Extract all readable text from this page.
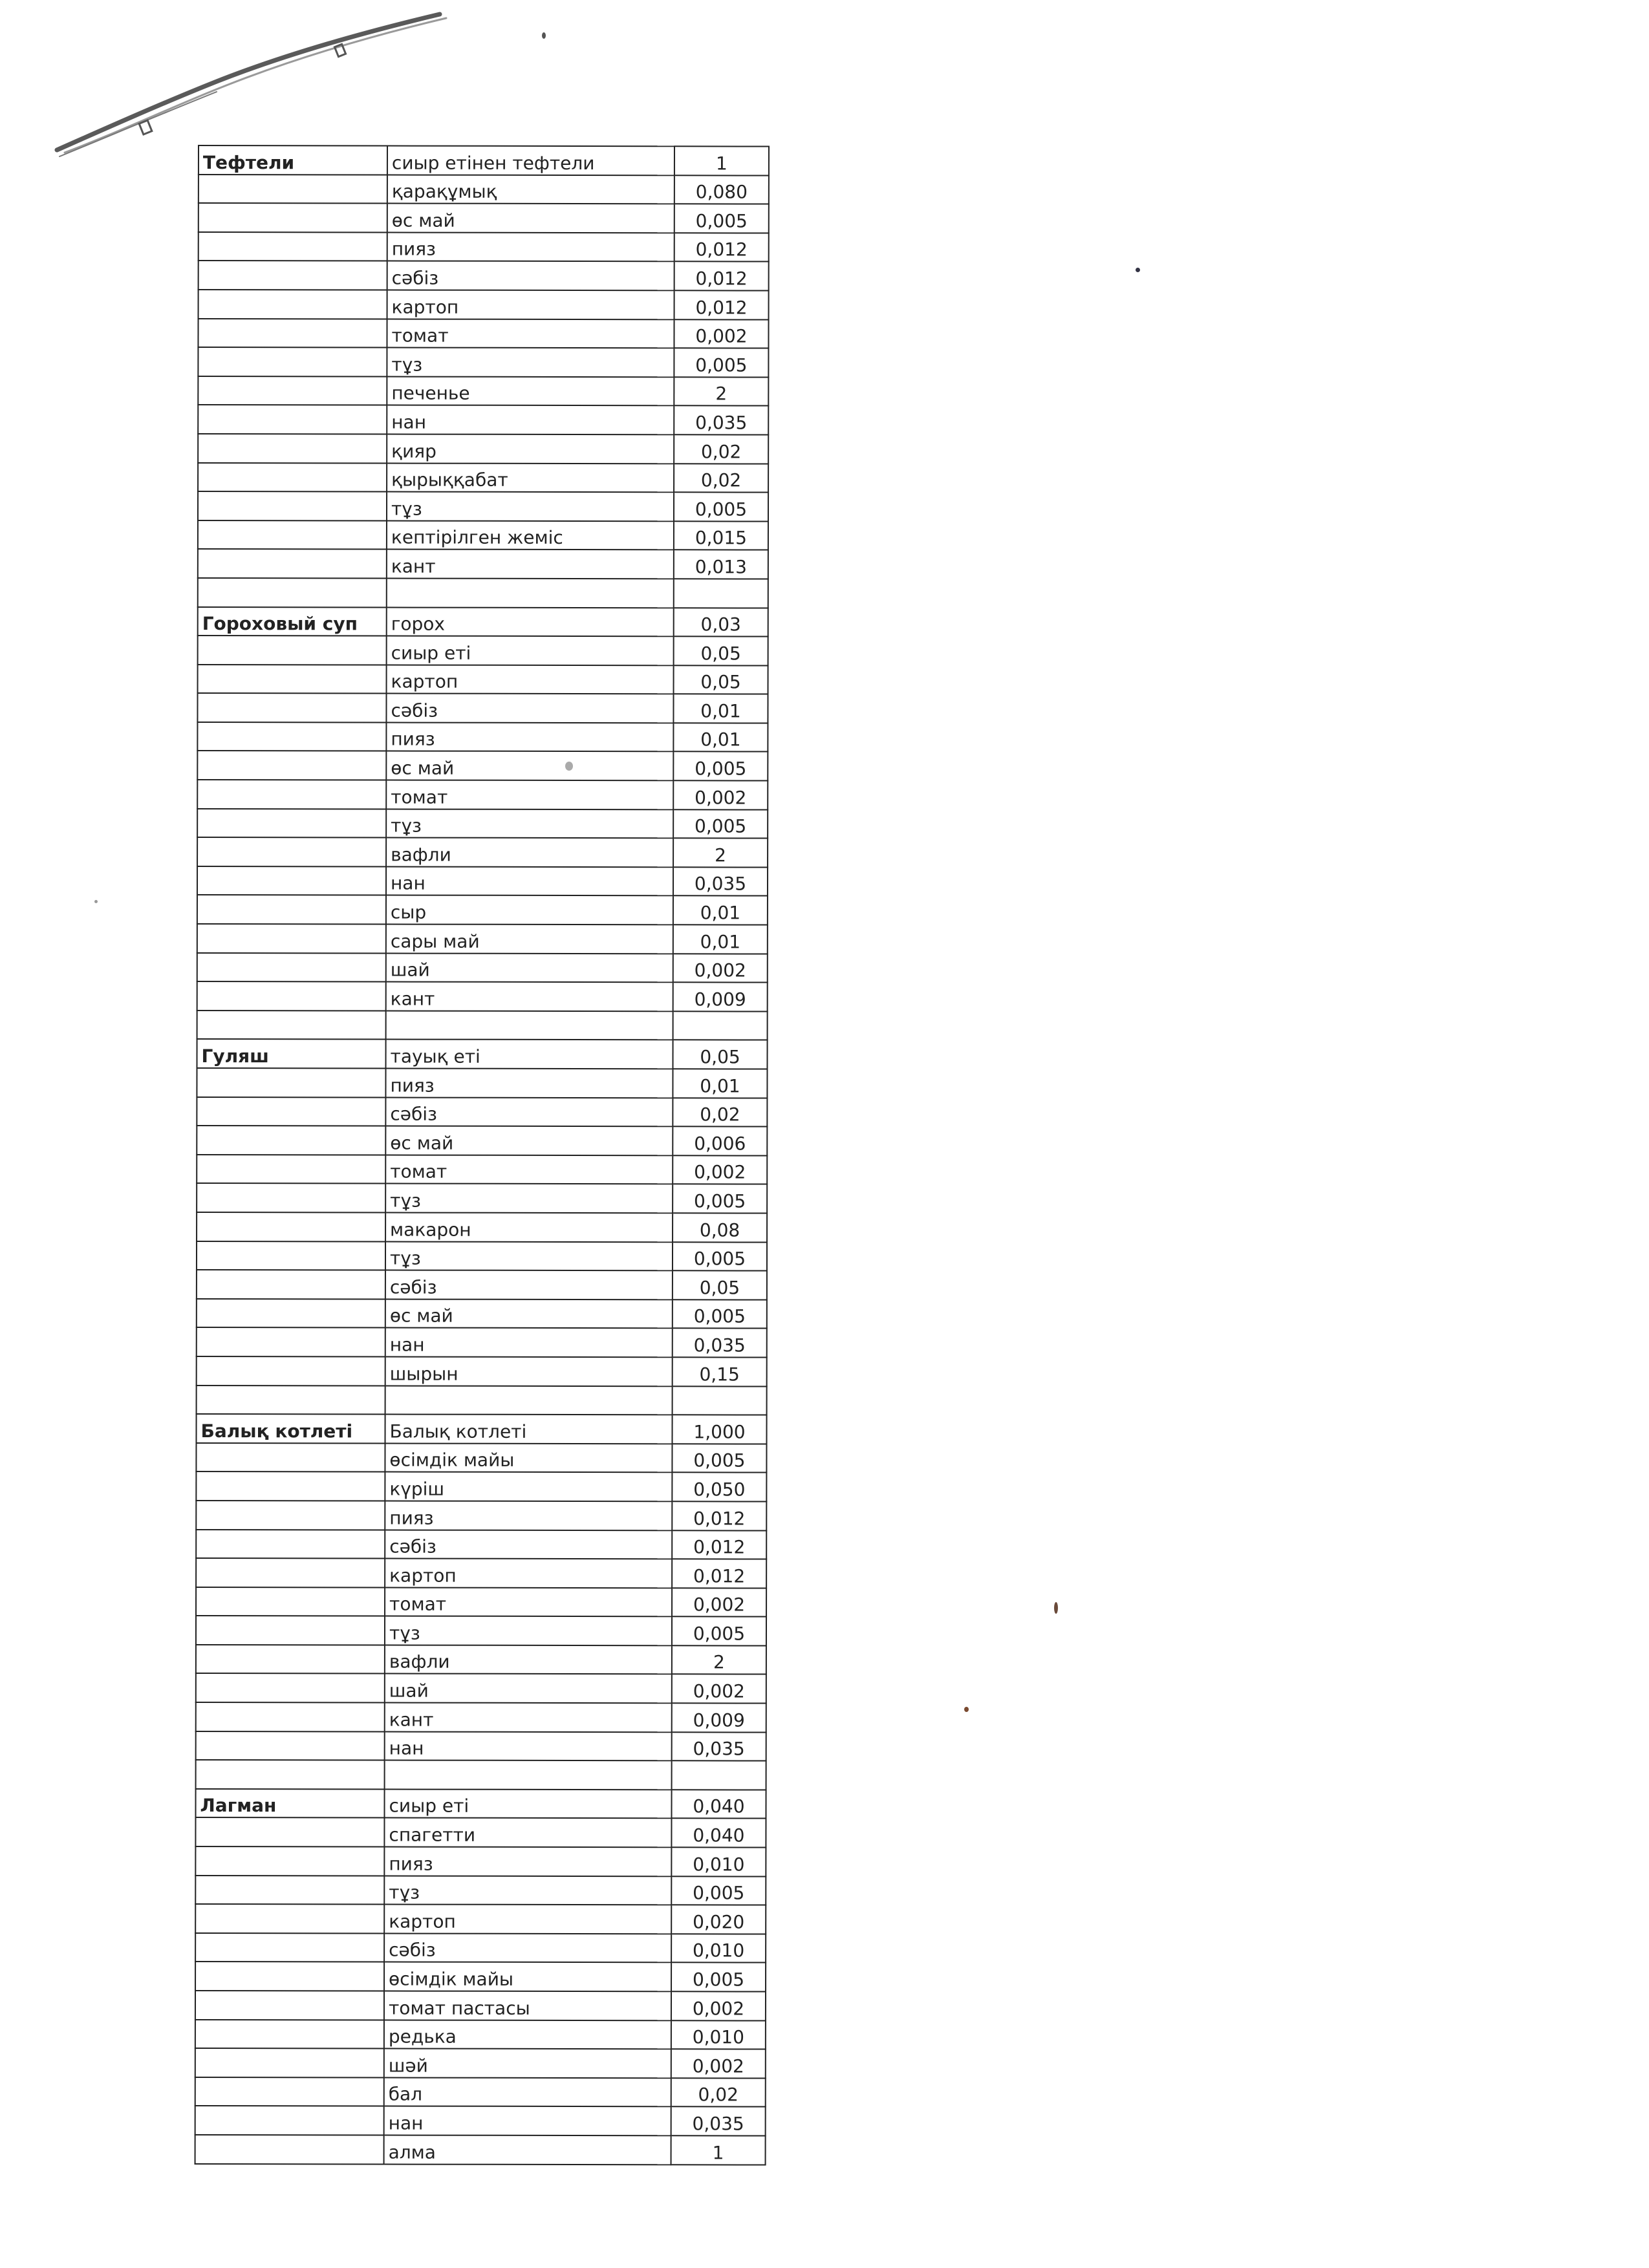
Тефтели	сиыр етінен тефтели	1
	қарақұмық	0,080
	өс май	0,005
	пияз	0,012
	сәбіз	0,012
	картоп	0,012
	томат	0,002
	тұз	0,005
	печенье	2
	нан	0,035
	қияр	0,02
	қырыққабат	0,02
	тұз	0,005
	кептірілген жеміс	0,015
	кант	0,013

Гороховый суп	горох	0,03
	сиыр еті	0,05
	картоп	0,05
	сәбіз	0,01
	пияз	0,01
	өс май	0,005
	томат	0,002
	тұз	0,005
	вафли	2
	нан	0,035
	сыр	0,01
	сары май	0,01
	шай	0,002
	кант	0,009

Гуляш	тауық еті	0,05
	пияз	0,01
	сәбіз	0,02
	өс май	0,006
	томат	0,002
	тұз	0,005
	макарон	0,08
	тұз	0,005
	сәбіз	0,05
	өс май	0,005
	нан	0,035
	шырын	0,15

Балық котлеті	Балық котлеті	1,000
	өсімдік майы	0,005
	күріш	0,050
	пияз	0,012
	сәбіз	0,012
	картоп	0,012
	томат	0,002
	тұз	0,005
	вафли	2
	шай	0,002
	кант	0,009
	нан	0,035

Лагман	сиыр еті	0,040
	спагетти	0,040
	пияз	0,010
	тұз	0,005
	картоп	0,020
	сәбіз	0,010
	өсімдік майы	0,005
	томат пастасы	0,002
	редька	0,010
	шәй	0,002
	бал	0,02
	нан	0,035
	алма	1
